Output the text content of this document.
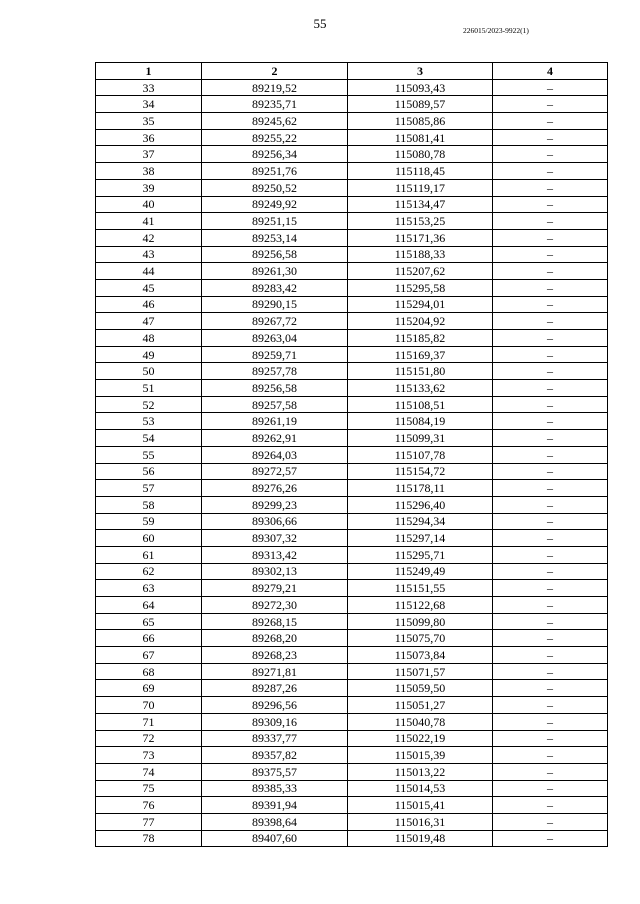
55	226015/2023-9922(1)
1	2	3	4
33	89219,52	115093,43	–
34	89235,71	115089,57	–
35	89245,62	115085,86	–
36	89255,22	115081,41	–
37	89256,34	115080,78	–
38	89251,76	115118,45	–
39	89250,52	115119,17	–
40	89249,92	115134,47	–
41	89251,15	115153,25	–
42	89253,14	115171,36	–
43	89256,58	115188,33	–
44	89261,30	115207,62	–
45	89283,42	115295,58	–
46	89290,15	115294,01	–
47	89267,72	115204,92	–
48	89263,04	115185,82	–
49	89259,71	115169,37	–
50	89257,78	115151,80	–
51	89256,58	115133,62	–
52	89257,58	115108,51	–
53	89261,19	115084,19	–
54	89262,91	115099,31	–
55	89264,03	115107,78	–
56	89272,57	115154,72	–
57	89276,26	115178,11	–
58	89299,23	115296,40	–
59	89306,66	115294,34	–
60	89307,32	115297,14	–
61	89313,42	115295,71	–
62	89302,13	115249,49	–
63	89279,21	115151,55	–
64	89272,30	115122,68	–
65	89268,15	115099,80	–
66	89268,20	115075,70	–
67	89268,23	115073,84	–
68	89271,81	115071,57	–
69	89287,26	115059,50	–
70	89296,56	115051,27	–
71	89309,16	115040,78	–
72	89337,77	115022,19	–
73	89357,82	115015,39	–
74	89375,57	115013,22	–
75	89385,33	115014,53	–
76	89391,94	115015,41	–
77	89398,64	115016,31	–
78	89407,60	115019,48	–
